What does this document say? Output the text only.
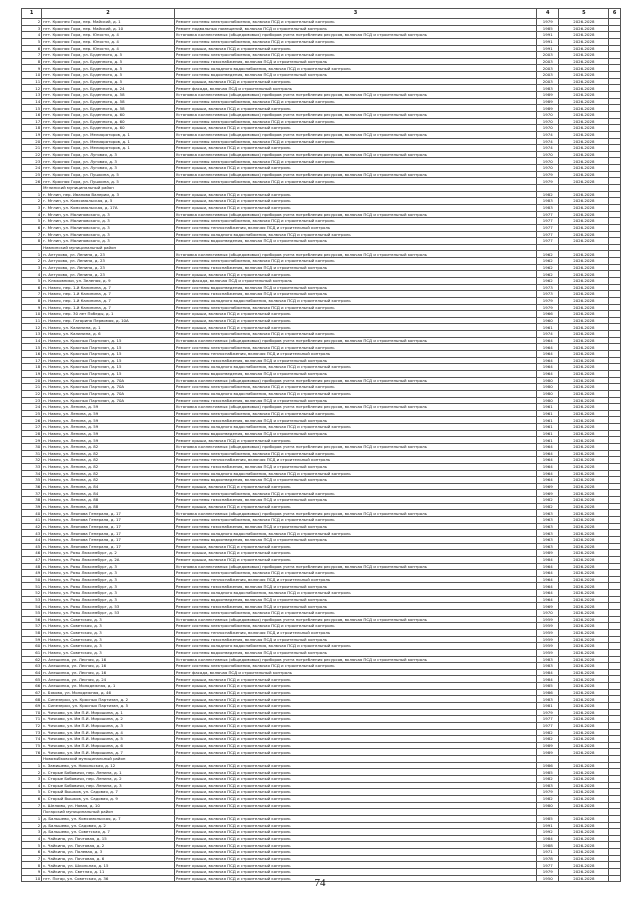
1	2	3	4	5	6
2	пгт. Краснея Гора, пер. Майский, д. 1	Ремонт системы электроснабжения, включая ПСД и строительный контроль	1979	2026-2028	
3	пгт. Красная Гора, пер. Майский, д. 10	Ремонт подвальных помещений, включая ПСД и строительный контроль	1985	2026-2028	
4	пгт. Красная Гора, пер. Юности, д. 4	Установка коллективных (общедомовых) приборов учета потребления ресурсов, включая ПСД и строительный контроль	1991	2026-2028	
5	пгт. Красная Гора, пер. Юности, д. 4	Ремонт системы электроснабжения, включая ПСД и строительный контроль	1991	2026-2028	
6	пгт. Красная Гора, пер. Юности, д. 4	Ремонт крыши, включая ПСД и строительный контроль	1991	2026-2028	
7	пгт. Красная Гора, ул. Буденного, д. 5	Ремонт системы электроснабжения, включая ПСД и строительный контроль	2003	2026-2028	
8	пгт. Красная Гора, ул. Буденного, д. 5	Ремонт системы газоснабжения, включая ПСД и строительный контроль	2003	2026-2028	
9	пгт. Красная Гора, ул. Буденного, д. 5	Ремонт системы холодного водоснабжения, включая ПСД и строительный контроль	2003	2026-2028	
10	пгт. Красная Гора, ул. Буденного, д. 5	Ремонт системы водоотведения, включая ПСД и строительный контроль	2003	2026-2028	
11	пгт. Красная Гора, ул. Буденного, д. 5	Ремонт крыши, включая ПСД и строительный контроль	2003	2026-2028	
12	пгт. Красная Гора, ул. Буденного, д. 24	Ремонт фасада, включая ПСД и строительный контроль	1983	2026-2028	
13	пгт. Красная Гора, ул. Буденного, д. 58	Установка коллективных (общедомовых) приборов учета потребления ресурсов, включая ПСД и строительный контроль	1989	2026-2028	
14	пгт. Красная Гора, ул. Буденного, д. 58	Ремонт системы электроснабжения, включая ПСД и строительный контроль	1989	2026-2028	
15	пгт. Красная Гора, ул. Буденного, д. 58	Ремонт крыши, включая ПСД и строительный контроль	1989	2026-2028	
16	пгт. Красная Гора, ул. Буденного, д. 60	Установка коллективных (общедомовых) приборов учета потребления ресурсов, включая ПСД и строительный контроль	1970	2026-2028	
17	пгт. Красная Гора, ул. Буденного, д. 60	Ремонт системы электроснабжения, включая ПСД и строительный контроль	1970	2026-2028	
18	пгт. Красная Гора, ул. Буденного, д. 60	Ремонт крыши, включая ПСД и строительный контроль	1970	2026-2028	
19	пгт. Красная Гора, ул. Мелиораторов, д. 1	Установка коллективных (общедомовых) приборов учета потребления ресурсов, включая ПСД и строительный контроль	1974	2026-2028	
20	пгт. Красная Гора, ул. Мелиораторов, д. 1	Ремонт системы электроснабжения, включая ПСД и строительный контроль	1974	2026-2028	
21	пгт. Красная Гора, ул. Мелиораторов, д. 1	Ремонт крыши, включая ПСД и строительный контроль	1974	2026-2028	
22	пгт. Красная Гора, ул. Луговая, д. 3	Установка коллективных (общедомовых) приборов учета потребления ресурсов, включая ПСД и строительный контроль	1970	2026-2028	
23	пгт. Красная Гора, ул. Луговая, д. 3	Ремонт системы электроснабжения, включая ПСД и строительный контроль	1970	2026-2028	
24	пгт. Красная Гора, ул. Луговая, д. 3	Ремонт крыши, включая ПСД и строительный контроль	1970	2026-2028	
25	пгт. Красная Гора, ул. Пушкина, д. 5	Установка коллективных (общедомовых) приборов учета потребления ресурсов, включая ПСД и строительный контроль	1979	2026-2028	
26	пгт. Красная Гора, ул. Пушкина, д. 5	Ремонт системы электроснабжения, включая ПСД и строительный контроль	1979	2026-2028	
	Мглинский муниципальный район				
1	г. Мглин, пер. Иванова Валерии, д. 3	Ремонт крыши, включая ПСД и строительный контроль	1982	2026-2028	
2	г. Мглин, ул. Комсомольская, д. 5	Ремонт крыши, включая ПСД и строительный контроль	1983	2026-2028	
3	г. Мглин, ул. Комсомольская, д. 17А	Ремонт крыши, включая ПСД и строительный контроль	1983	2026-2028	
4	г. Мглин, ул. Малиновского, д. 3	Установка коллективных (общедомовых) приборов учета потребления ресурсов, включая ПСД и строительный контроль	1977	2026-2028	
5	г. Мглин, ул. Малиновского, д. 3	Ремонт системы электроснабжения, включая ПСД и строительный контроль	1977	2026-2028	
6	г. Мглин, ул. Малиновского, д. 3	Ремонт системы теплоснабжения, включая ПСД и строительный контроль	1977	2026-2028	
7	г. Мглин, ул. Малиновского, д. 3	Ремонт системы холодного водоснабжения, включая ПСД и строительный контроль	1977	2026-2028	
8	г. Мглин, ул. Малиновского, д. 3	Ремонт системы водоотведения, включая ПСД и строительный контроль	1977	2026-2028	
	Навлинский муниципальный район				
1	п. Алтухово, ул. Ленина, д. 23	Установка коллективных (общедомовых) приборов учета потребления ресурсов, включая ПСД и строительный контроль	1962	2026-2028	
2	п. Алтухово, ул. Ленина, д. 23	Ремонт системы электроснабжения, включая ПСД и строительный контроль	1962	2026-2028	
3	п. Алтухово, ул. Ленина, д. 23	Ремонт системы газоснабжения, включая ПСД и строительный контроль	1962	2026-2028	
4	п. Алтухово, ул. Ленина, д. 23	Ремонт крыши, включая ПСД и строительный контроль	1962	2026-2028	
5	п. Клюковники, ул. Зеленая, д. 9	Ремонт фасада, включая ПСД и строительный контроль	1962	2026-2028	
6	п. Навля, пер. 1-й Калинина, д. 7	Ремонт системы водоотведения, включая ПСД и строительный контроль	1973	2026-2028	
7	п. Навля, пер. 1-й Калинина, д. 7	Ремонт системы газоснабжения, включая ПСД и строительный контроль	1973	2026-2028	
8	п. Навля, пер. 1-й Калинина, д. 7	Ремонт системы холодного водоснабжения, включая ПСД и строительный контроль	1979	2026-2028	
9	п. Навля, пер. 1-й Калинина, д. 7	Ремонт системы электроснабжения, включая ПСД и строительный контроль	1979	2026-2028	
10	п. Навля, пер. 30 лет Победы, д. 1	Ремонт крыши, включая ПСД и строительный контроль	1966	2026-2028	
11	п. Навля, пер. Гагарина Первомая, д. 10А	Ремонт крыши, включая ПСД и строительный контроль	1960	2026-2028	
12	п. Навля, ул. Калинина, д. 1	Ремонт крыши, включая ПСД и строительный контроль	1961	2026-2028	
13	п. Навля, ул. Калинина, д. 6	Ремонт системы электроснабжения, включая ПСД и строительный контроль	1974	2026-2028	
14	п. Навля, ул. Красных Партизан, д. 15	Установка коллективных (общедомовых) приборов учета потребления ресурсов, включая ПСД и строительный контроль	1964	2026-2028	
15	п. Навля, ул. Красных Партизан, д. 15	Ремонт системы электроснабжения, включая ПСД и строительный контроль	1964	2026-2028	
16	п. Навля, ул. Красных Партизан, д. 15	Ремонт системы теплоснабжения, включая ПСД и строительный контроль	1964	2026-2028	
17	п. Навля, ул. Красных Партизан, д. 15	Ремонт системы газоснабжения, включая ПСД и строительный контроль	1964	2026-2028	
18	п. Навля, ул. Красных Партизан, д. 15	Ремонт системы холодного водоснабжения, включая ПСД и строительный контроль	1964	2026-2028	
19	п. Навля, ул. Красных Партизан, д. 15	Ремонт системы водоотведения, включая ПСД и строительный контроль	1964	2026-2028	
20	п. Навля, ул. Красных Партизан, д. 70А	Установка коллективных (общедомовых) приборов учета потребления ресурсов, включая ПСД и строительный контроль	1980	2026-2028	
21	п. Навля, ул. Красных Партизан, д. 70А	Ремонт системы электроснабжения, включая ПСД и строительный контроль	1980	2026-2028	
22	п. Навля, ул. Красных Партизан, д. 70А	Ремонт системы холодного водоснабжения, включая ПСД и строительный контроль	1980	2026-2028	
23	п. Навля, ул. Красных Партизан, д. 70А	Ремонт системы газоснабжения, включая ПСД и строительный контроль	1980	2026-2028	
24	п. Навля, ул. Ленина, д. 59	Установка коллективных (общедомовых) приборов учета потребления ресурсов, включая ПСД и строительный контроль	1961	2026-2028	
25	п. Навля, ул. Ленина, д. 59	Ремонт системы электроснабжения, включая ПСД и строительный контроль	1961	2026-2028	
26	п. Навля, ул. Ленина, д. 59	Ремонт системы газоснабжения, включая ПСД и строительный контроль	1961	2026-2028	
27	п. Навля, ул. Ленина, д. 59	Ремонт системы холодного водоснабжения, включая ПСД и строительный контроль	1961	2026-2028	
28	п. Навля, ул. Ленина, д. 59	Ремонт системы водоотведения, включая ПСД и строительный контроль	1961	2026-2028	
29	п. Навля, ул. Ленина, д. 59	Ремонт крыши, включая ПСД и строительный контроль	1961	2026-2028	
30	п. Навля, ул. Ленина, д. 82	Установка коллективных (общедомовых) приборов учета потребления ресурсов, включая ПСД и строительный контроль	1964	2026-2028	
31	п. Навля, ул. Ленина, д. 82	Ремонт системы электроснабжения, включая ПСД и строительный контроль	1964	2026-2028	
32	п. Навля, ул. Ленина, д. 82	Ремонт системы теплоснабжения, включая ПСД и строительный контроль	1964	2026-2028	
33	п. Навля, ул. Ленина, д. 82	Ремонт системы газоснабжения, включая ПСД и строительный контроль	1964	2026-2028	
34	п. Навля, ул. Ленина, д. 82	Ремонт системы холодного водоснабжения, включая ПСД и строительный контроль	1964	2026-2028	
35	п. Навля, ул. Ленина, д. 82	Ремонт системы водоотведения, включая ПСД и строительный контроль	1964	2026-2028	
36	п. Навля, ул. Ленина, д. 84	Ремонт крыши, включая ПСД и строительный контроль	1969	2026-2028	
37	п. Навля, ул. Ленина, д. 84	Ремонт системы электроснабжения, включая ПСД и строительный контроль	1969	2026-2028	
38	п. Навля, ул. Ленина, д. 88	Ремонт системы газоснабжения, включая ПСД и строительный контроль	1982	2026-2028	
39	п. Навля, ул. Ленина, д. 88	Ремонт крыши, включая ПСД и строительный контроль	1982	2026-2028	
40	п. Навля, ул. Леонова Генерала, д. 17	Установка коллективных (общедомовых) приборов учета потребления ресурсов, включая ПСД и строительный контроль	1963	2026-2028	
41	п. Навля, ул. Леонова Генерала, д. 17	Ремонт системы электроснабжения, включая ПСД и строительный контроль	1963	2026-2028	
42	п. Навля, ул. Леонова Генерала, д. 17	Ремонт системы газоснабжения, включая ПСД и строительный контроль	1963	2026-2028	
43	п. Навля, ул. Леонова Генерала, д. 17	Ремонт системы холодного водоснабжения, включая ПСД и строительный контроль	1963	2026-2028	
44	п. Навля, ул. Леонова Генерала, д. 17	Ремонт системы водоотведения, включая ПСД и строительный контроль	1963	2026-2028	
45	п. Навля, ул. Леонова Генерала, д. 17	Ремонт крыши, включая ПСД и строительный контроль	1963	2026-2028	
46	п. Навля, ул. Розы Люксембург, д. 2	Ремонт крыши, включая ПСД и строительный контроль	1989	2026-2028	
47	п. Навля, ул. Розы Люксембург, д. 2А	Ремонт крыши, включая ПСД и строительный контроль	1984	2026-2028	
48	п. Навля, ул. Розы Люксембург, д. 3	Установка коллективных (общедомовых) приборов учета потребления ресурсов, включая ПСД и строительный контроль	1964	2026-2028	
49	п. Навля, ул. Розы Люксембург, д. 3	Ремонт системы электроснабжения, включая ПСД и строительный контроль	1964	2026-2028	
50	п. Навля, ул. Розы Люксембург, д. 3	Ремонт системы теплоснабжения, включая ПСД и строительный контроль	1964	2026-2028	
51	п. Навля, ул. Розы Люксембург, д. 3	Ремонт системы газоснабжения, включая ПСД и строительный контроль	1964	2026-2028	
52	п. Навля, ул. Розы Люксембург, д. 3	Ремонт системы холодного водоснабжения, включая ПСД и строительный контроль	1964	2026-2028	
53	п. Навля, ул. Розы Люксембург, д. 3	Ремонт системы водоотведения, включая ПСД и строительный контроль	1964	2026-2028	
54	п. Навля, ул. Розы Люксембург, д. 53	Ремонт системы газоснабжения, включая ПСД и строительный контроль	1969	2026-2028	
55	п. Навля, ул. Розы Люксембург, д. 53	Ремонт системы электроснабжения, включая ПСД и строительный контроль	1970	2026-2028	
56	п. Навля, ул. Советская, д. 3	Установка коллективных (общедомовых) приборов учета потребления ресурсов, включая ПСД и строительный контроль	1959	2026-2028	
57	п. Навля, ул. Советская, д. 3	Ремонт системы электроснабжения, включая ПСД и строительный контроль	1959	2026-2028	
58	п. Навля, ул. Советская, д. 3	Ремонт системы теплоснабжения, включая ПСД и строительный контроль	1959	2026-2028	
59	п. Навля, ул. Советская, д. 3	Ремонт системы газоснабжения, включая ПСД и строительный контроль	1959	2026-2028	
60	п. Навля, ул. Советская, д. 3	Ремонт системы холодного водоснабжения, включая ПСД и строительный контроль	1959	2026-2028	
61	п. Навля, ул. Советская, д. 3	Ремонт системы водоотведения, включая ПСД и строительный контроль	1959	2026-2028	
62	п. Алешинка, ул. Лесная, д. 16	Установка коллективных (общедомовых) приборов учета потребления ресурсов, включая ПСД и строительный контроль	1983	2026-2028	
63	п. Алешинка, ул. Лесная, д. 16	Ремонт системы электроснабжения, включая ПСД и строительный контроль	1983	2026-2028	
64	п. Алешинка, ул. Лесная, д. 16	Ремонт фасада, включая ПСД и строительный контроль	1984	2026-2028	
65	п. Алешинка, ул. Лесная, д. 24	Ремонт крыши, включая ПСД и строительный контроль	1984	2026-2028	
66	п. Алешинка, ул. Молодежная, д. 1	Ремонт крыши, включая ПСД и строительный контроль	1985	2026-2028	
67	с. Бяково, ул. Молодежная, д. 46	Ремонт крыши, включая ПСД и строительный контроль	1986	2026-2028	
68	с. Синезерки, ул. Красных Партизан, д. 2	Ремонт крыши, включая ПСД и строительный контроль	1983	2026-2028	
69	с. Синезерки, ул. Красных Партизан, д. 5	Ремонт крыши, включая ПСД и строительный контроль	1981	2026-2028	
70	с. Чичково, ул. Им П.И. Мирошина, д. 1	Ремонт крыши, включая ПСД и строительный контроль	1979	2026-2028	
71	с. Чичково, ул. Им П.И. Мирошина, д. 2	Ремонт крыши, включая ПСД и строительный контроль	1977	2026-2028	
72	с. Чичково, ул. Им П.И. Мирошина, д. 3	Ремонт крыши, включая ПСД и строительный контроль	1977	2026-2028	
73	с. Чичково, ул. Им П.И. Мирошина, д. 4	Ремонт крыши, включая ПСД и строительный контроль	1982	2026-2028	
74	с. Чичково, ул. Им П.И. Мирошина, д. 5	Ремонт крыши, включая ПСД и строительный контроль	1982	2026-2028	
75	с. Чичково, ул. Им П.И. Мирошина, д. 6	Ремонт крыши, включая ПСД и строительный контроль	1989	2026-2028	
76	с. Чичково, ул. Им П.И. Мирошина, д. 7	Ремонт крыши, включая ПСД и строительный контроль	1989	2026-2028	
	Новозыбковский муниципальный район				
1	с. Замишево, ул. Никольская, д. 12	Ремонт крыши, включая ПСД и строительный контроль	1986	2026-2028	
2	с. Старые Бобовичи, пер. Ленина, д. 1	Ремонт крыши, включая ПСД и строительный контроль	1985	2026-2028	
3	с. Старые Бобовичи, пер. Ленина, д. 2	Ремонт крыши, включая ПСД и строительный контроль	1982	2026-2028	
4	с. Старые Бобовичи, пер. Ленина, д. 3	Ремонт крыши, включая ПСД и строительный контроль	1983	2026-2028	
5	с. Старый Вышков, ул. Садовая, д. 7	Ремонт крыши, включая ПСД и строительный контроль	1979	2026-2028	
6	с. Старый Вышков, ул. Садовая, д. 9	Ремонт крыши, включая ПСД и строительный контроль	1982	2026-2028	
7	с. Шеломы, ул. Новая, д. 10	Ремонт крыши, включая ПСД и строительный контроль	1980	2026-2028	
	Погарский муниципальный район				
1	д. Бальшево, ул. Комсомольская, д. 7	Ремонт крыши, включая ПСД и строительный контроль	1985	2026-2028	
2	д. Бальшево, ул. Садовая, д. 2	Ремонт крыши, включая ПСД и строительный контроль	1991	2026-2028	
3	д. Бальшево, ул. Советская, д. 7	Ремонт крыши, включая ПСД и строительный контроль	1992	2026-2028	
4	с. Чайкино, ул. Почтовая, д. 15	Ремонт крыши, включая ПСД и строительный контроль	1984	2026-2028	
5	с. Чайкино, ул. Почтовая, д. 2	Ремонт крыши, включая ПСД и строительный контроль	1988	2026-2028	
6	с. Чайкино, ул. Полевая, д. 3	Ремонт крыши, включая ПСД и строительный контроль	1971	2026-2028	
7	с. Чайкино, ул. Почтовая, д. 6	Ремонт крыши, включая ПСД и строительный контроль	1978	2026-2028	
8	с. Чайкино, ул. Школьная, д. 15	Ремонт крыши, включая ПСД и строительный контроль	1977	2026-2028	
9	с. Чайкино, ул. Светлая, д. 11	Ремонт крыши, включая ПСД и строительный контроль	1979	2026-2028	
10	пгт. Погар, ул. Советская, д. 36	Ремонт крыши, включая ПСД и строительный контроль	1950	2026-2028	
74
